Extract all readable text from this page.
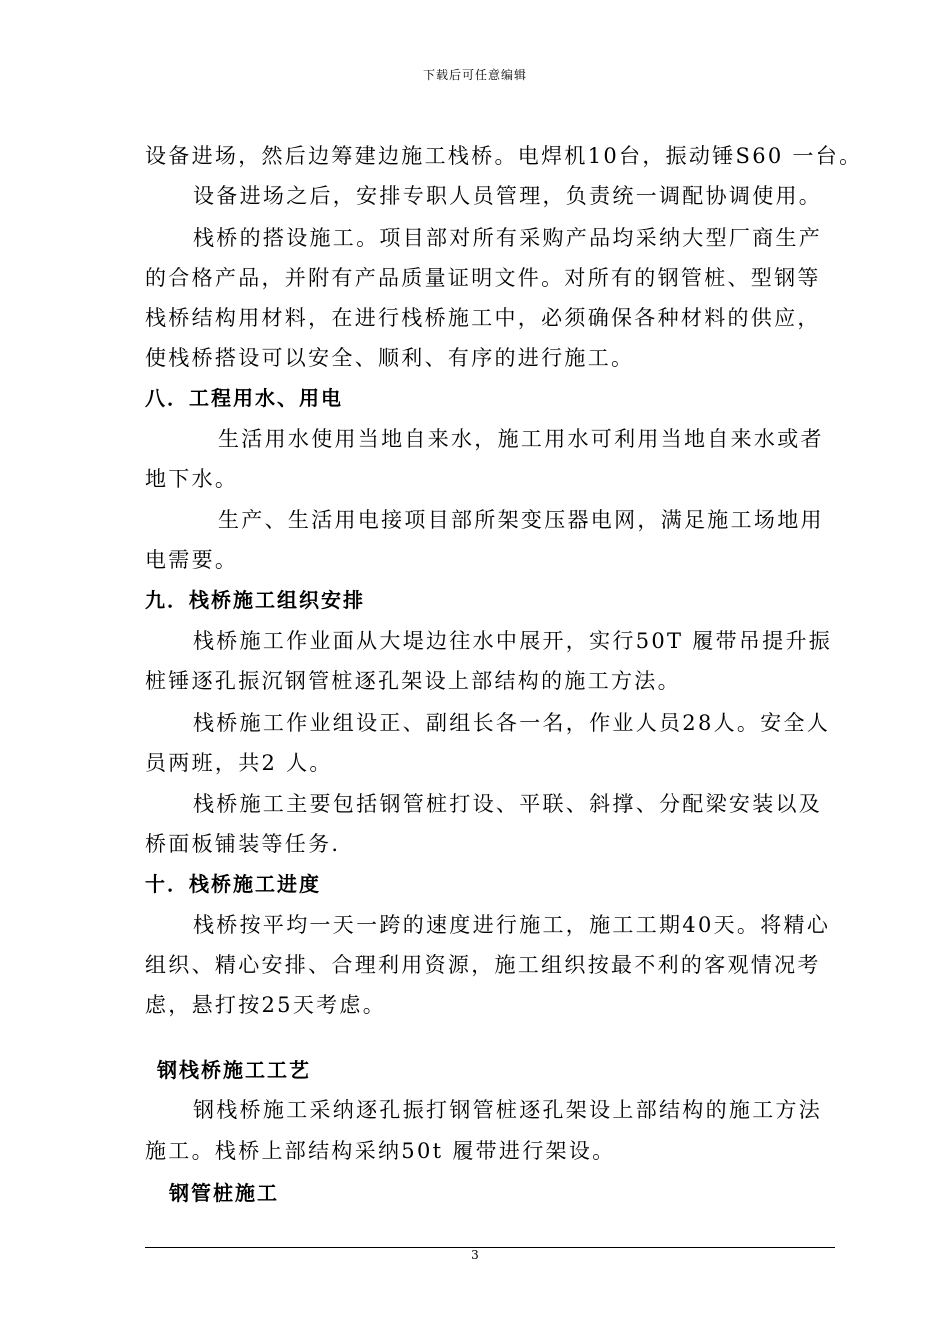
下载后可任意编辑
设备进场，然后边筹建边施工栈桥。电焊机10台，振动锤S60 一台。
设备进场之后，安排专职人员管理，负责统一调配协调使用。
栈桥的搭设施工。项目部对所有采购产品均采纳大型厂商生产
的合格产品，并附有产品质量证明文件。对所有的钢管桩、型钢等
栈桥结构用材料，在进行栈桥施工中，必须确保各种材料的供应，
使栈桥搭设可以安全、顺利、有序的进行施工。
八．工程用水、用电
生活用水使用当地自来水，施工用水可利用当地自来水或者
地下水。
生产、生活用电接项目部所架变压器电网，满足施工场地用
电需要。
九．栈桥施工组织安排
栈桥施工作业面从大堤边往水中展开，实行50T 履带吊提升振
桩锤逐孔振沉钢管桩逐孔架设上部结构的施工方法。
栈桥施工作业组设正、副组长各一名，作业人员28人。安全人
员两班，共2 人。
栈桥施工主要包括钢管桩打设、平联、斜撑、分配梁安装以及
桥面板铺装等任务.
十．栈桥施工进度
栈桥按平均一天一跨的速度进行施工，施工工期40天。将精心
组织、精心安排、合理利用资源，施工组织按最不利的客观情况考
虑，悬打按25天考虑。
钢栈桥施工工艺
钢栈桥施工采纳逐孔振打钢管桩逐孔架设上部结构的施工方法
施工。栈桥上部结构采纳50t 履带进行架设。
钢管桩施工
3
